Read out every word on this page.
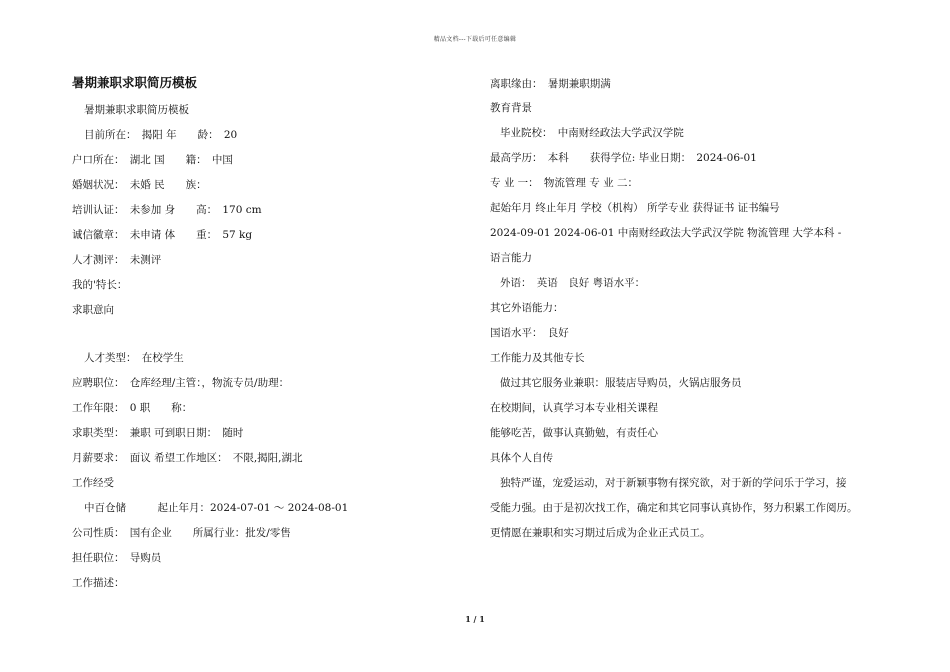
精品文档---下载后可任意编辑
暑期兼职求职简历模板
暑期兼职求职简历模板
目前所在：　揭阳 年　　龄：　20
户口所在：　湖北 国　　籍：　中国
婚姻状况：　未婚 民　　族：
培训认证：　未参加 身　　高：　170 cm
诚信徽章：　未申请 体　　重：　57 kg
人才测评：　未测评
我的'特长：
求职意向
人才类型：　在校学生
应聘职位：　仓库经理/主管：，物流专员/助理：
工作年限：　0 职　　称：
求职类型：　兼职 可到职日期：　随时
月薪要求：　面议 希望工作地区：　不限,揭阳,湖北
工作经受
中百仓储　　　起止年月：2024-07-01 ～ 2024-08-01
公司性质：　国有企业　　所属行业：批发/零售
担任职位：　导购员
工作描述：
离职缘由：　暑期兼职期满
教育背景
毕业院校：　中南财经政法大学武汉学院
最高学历：　本科　　获得学位: 毕业日期：　2024-06-01
专 业 一：　物流管理 专 业 二：
起始年月 终止年月 学校（机构） 所学专业 获得证书 证书编号
2024-09-01 2024-06-01 中南财经政法大学武汉学院 物流管理 大学本科 -
语言能力
外语：　英语　良好 粤语水平：
其它外语能力：
国语水平：　良好
工作能力及其他专长
做过其它服务业兼职：服装店导购员，火锅店服务员
在校期间，认真学习本专业相关课程
能够吃苦，做事认真勤勉，有责任心
具体个人自传
独特严谨，宠爱运动，对于新颖事物有探究欲，对于新的学问乐于学习，接
受能力强。由于是初次找工作，确定和其它同事认真协作，努力积累工作阅历。
更情愿在兼职和实习期过后成为企业正式员工。
1 / 1
